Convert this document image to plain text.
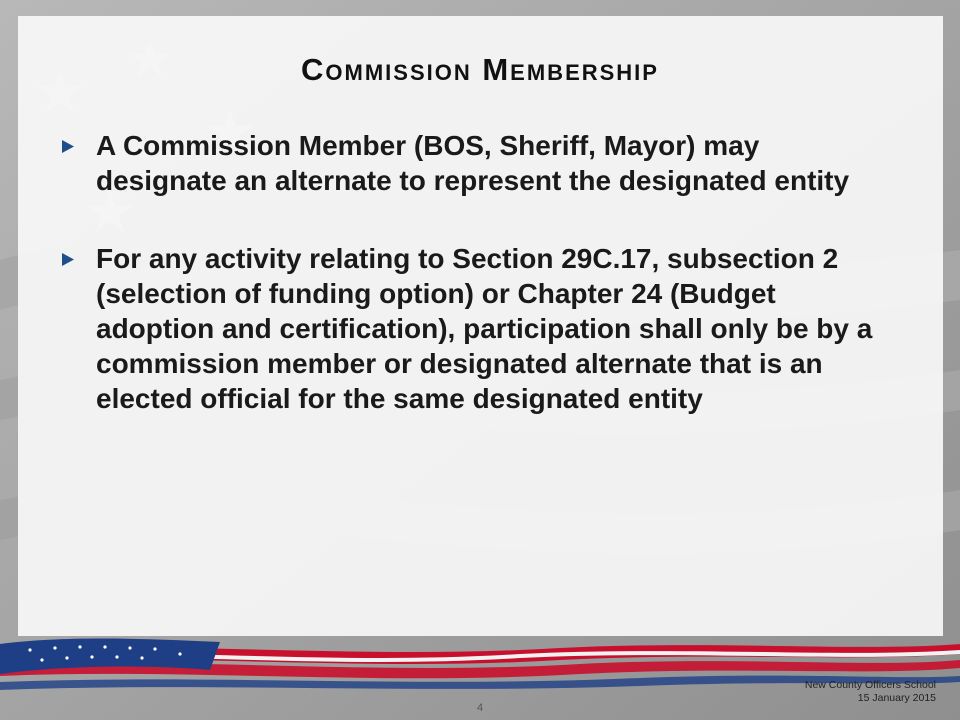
Commission Membership
A Commission Member (BOS, Sheriff, Mayor) may designate an alternate to represent the designated entity
For any activity relating to Section 29C.17, subsection 2 (selection of funding option) or Chapter 24 (Budget adoption and certification), participation shall only be by a commission member or designated alternate that is an elected official for the same designated entity
New County Officers School
15 January 2015
4
